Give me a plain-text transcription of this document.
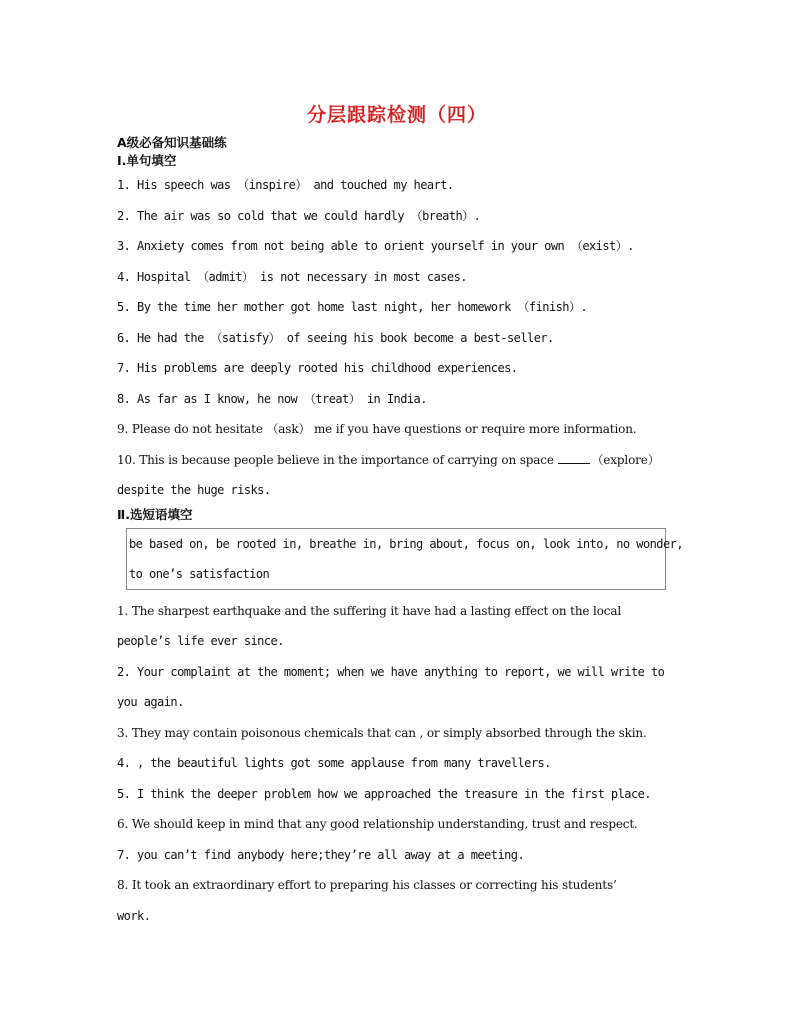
分层跟踪检测（四）
A级必备知识基础练
Ⅰ.单句填空
1. His speech was （inspire） and touched my heart.
2. The air was so cold that we could hardly （breath）.
3. Anxiety comes from not being able to orient yourself in your own （exist）.
4. Hospital （admit） is not necessary in most cases.
5. By the time her mother got home last night, her homework （finish）.
6. He had the （satisfy） of seeing his book become a best-seller.
7. His problems are deeply rooted his childhood experiences.
8. As far as I know, he now （treat） in India.
9. Please do not hesitate （ask） me if you have questions or require more information.
10. This is because people believe in the importance of carrying on space	（explore）
despite the huge risks.
Ⅱ.选短语填空
be based on, be rooted in, breathe in, bring about, focus on, look into, no wonder,
to one’s satisfaction
1. The sharpest earthquake and the suffering it have had a lasting effect on the local
people’s life ever since.
2. Your complaint at the moment; when we have anything to report, we will write to
you again.
3. They may contain poisonous chemicals that can , or simply absorbed through the skin.
4. , the beautiful lights got some applause from many travellers.
5. I think the deeper problem how we approached the treasure in the first place.
6. We should keep in mind that any good relationship understanding, trust and respect.
7. you can’t find anybody here;they’re all away at a meeting.
8. It took an extraordinary effort to preparing his classes or correcting his students’
work.
